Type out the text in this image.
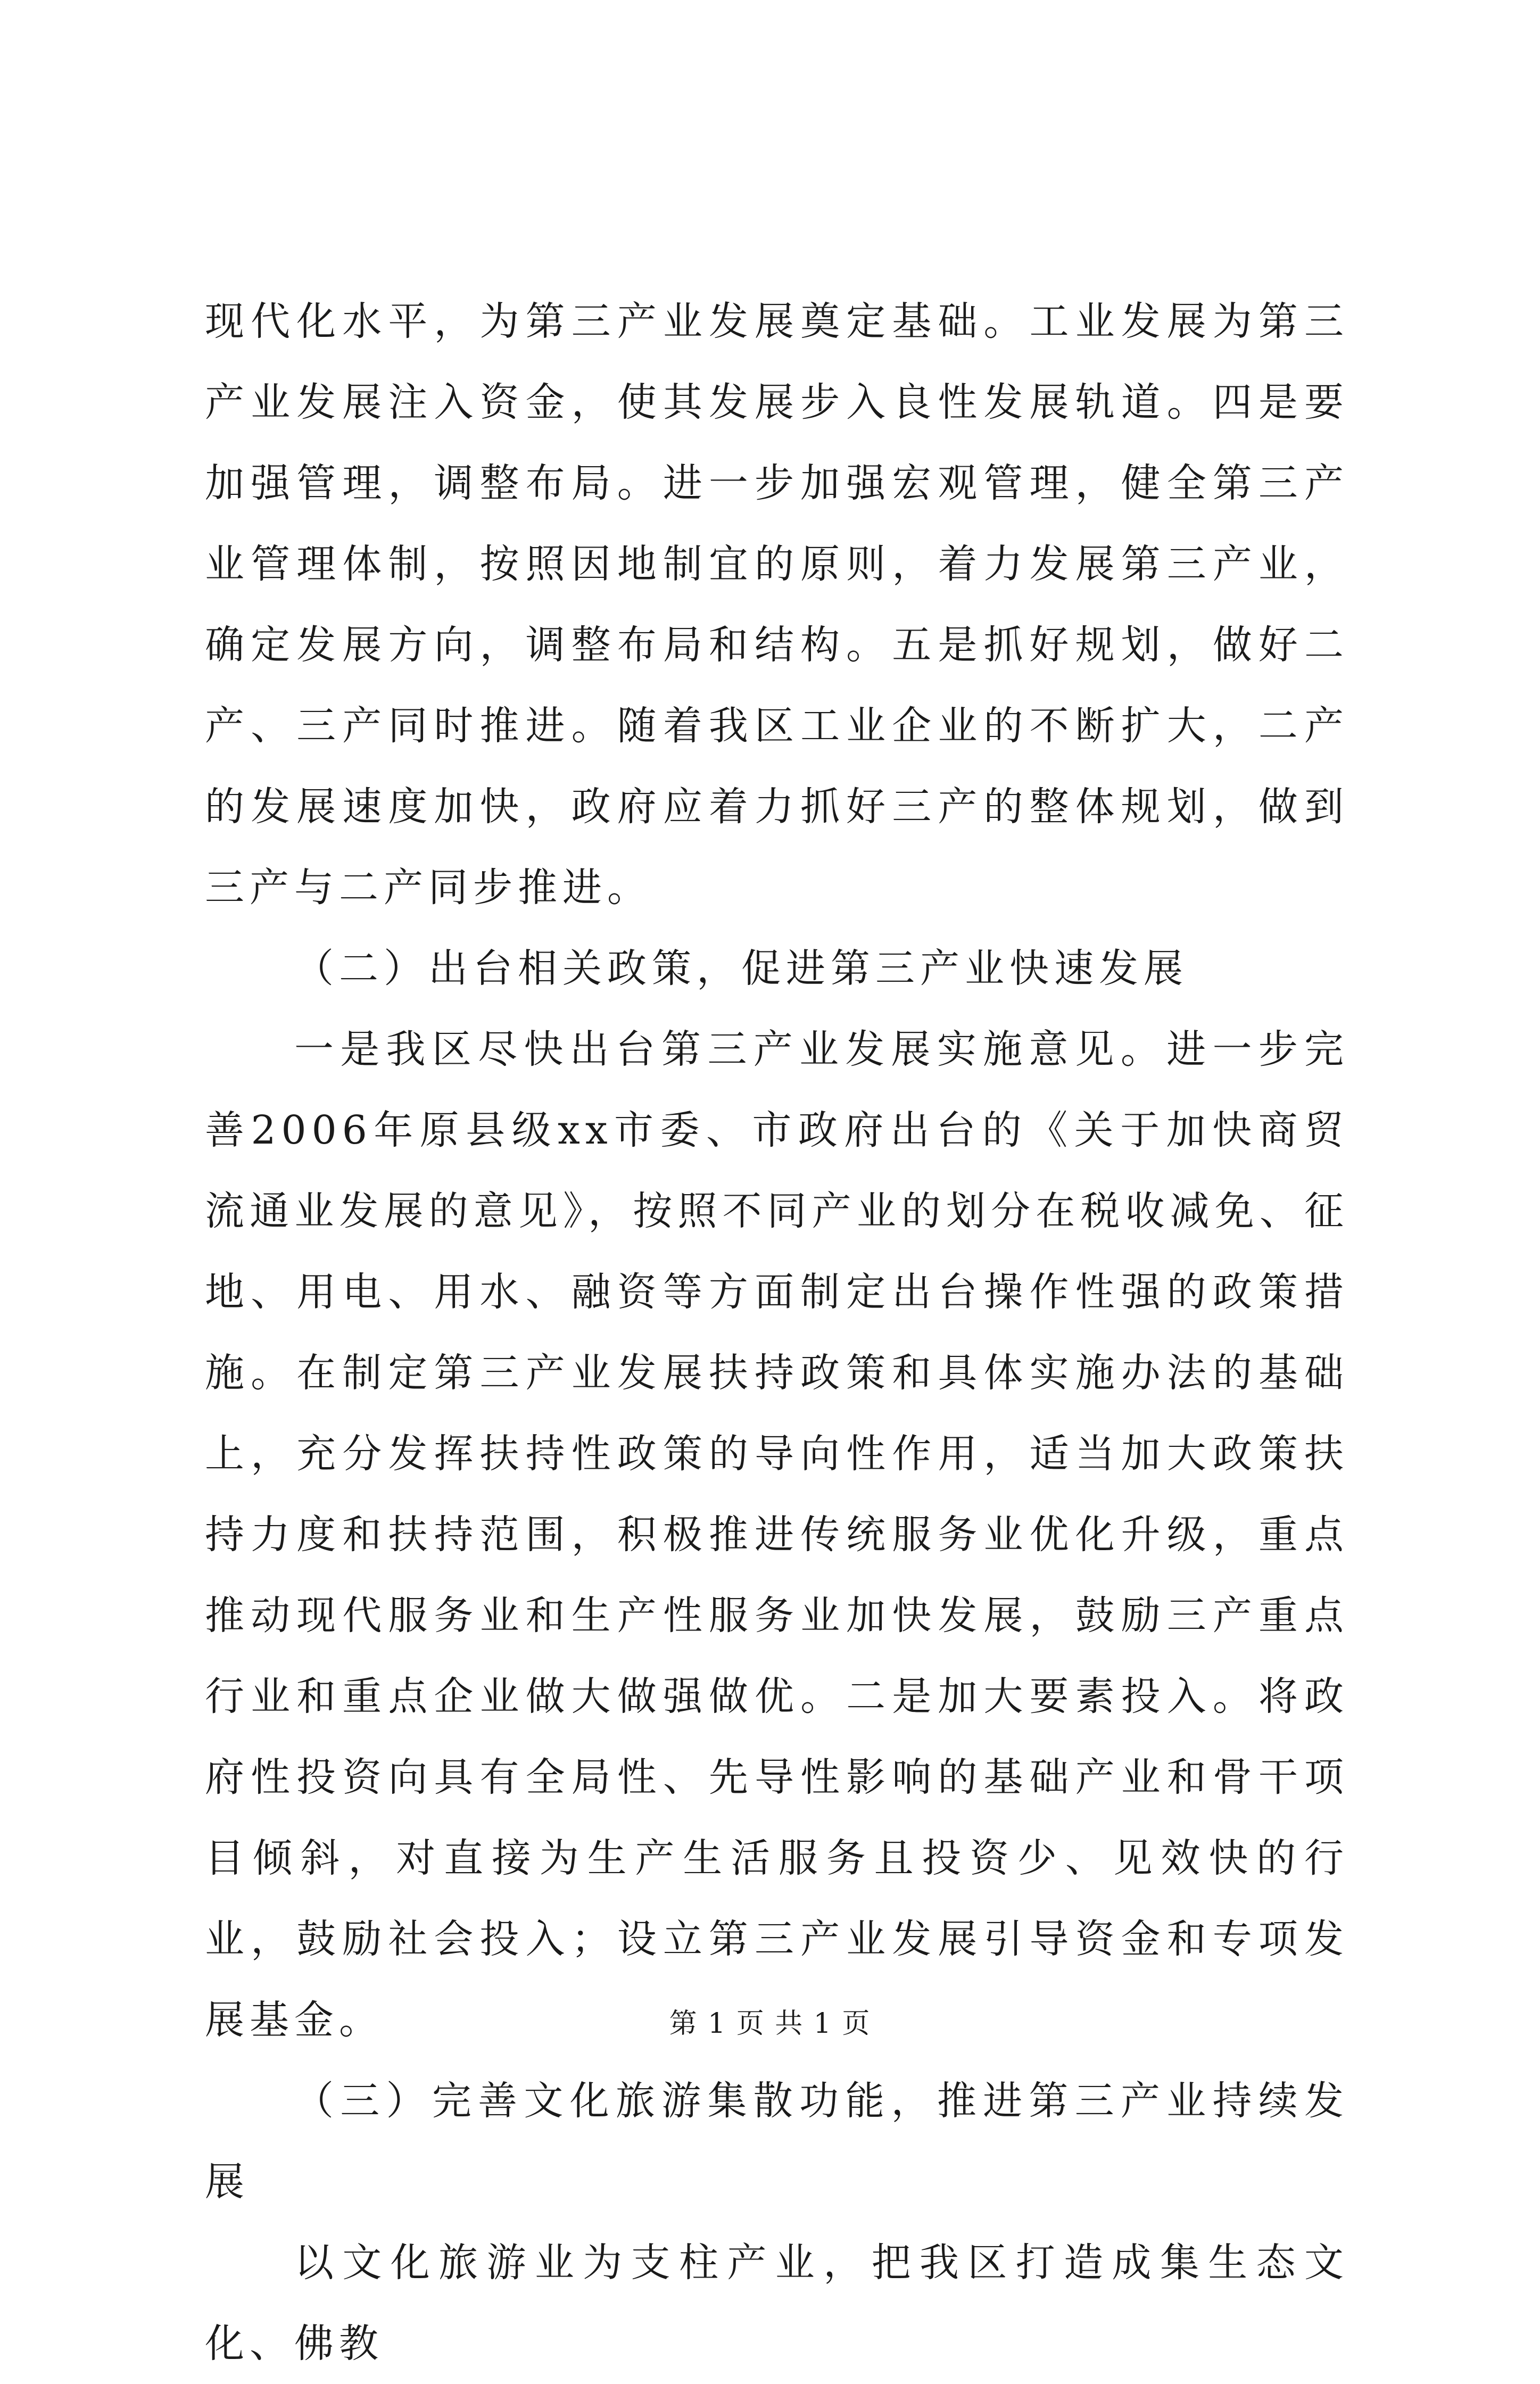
现代化水平，为第三产业发展奠定基础。工业发展为第三产业发展注入资金，使其发展步入良性发展轨道。四是要加强管理，调整布局。进一步加强宏观管理，健全第三产业管理体制，按照因地制宜的原则，着力发展第三产业，确定发展方向，调整布局和结构。五是抓好规划，做好二产、三产同时推进。随着我区工业企业的不断扩大，二产的发展速度加快，政府应着力抓好三产的整体规划，做到三产与二产同步推进。

（二）出台相关政策，促进第三产业快速发展

一是我区尽快出台第三产业发展实施意见。进一步完善2006年原县级xx市委、市政府出台的《关于加快商贸流通业发展的意见》，按照不同产业的划分在税收减免、征地、用电、用水、融资等方面制定出台操作性强的政策措施。在制定第三产业发展扶持政策和具体实施办法的基础上，充分发挥扶持性政策的导向性作用，适当加大政策扶持力度和扶持范围，积极推进传统服务业优化升级，重点推动现代服务业和生产性服务业加快发展，鼓励三产重点行业和重点企业做大做强做优。二是加大要素投入。将政府性投资向具有全局性、先导性影响的基础产业和骨干项目倾斜，对直接为生产生活服务且投资少、见效快的行业，鼓励社会投入；设立第三产业发展引导资金和专项发展基金。

（三）完善文化旅游集散功能，推进第三产业持续发展

以文化旅游业为支柱产业，把我区打造成集生态文化、佛教

第 1 页 共 1 页
